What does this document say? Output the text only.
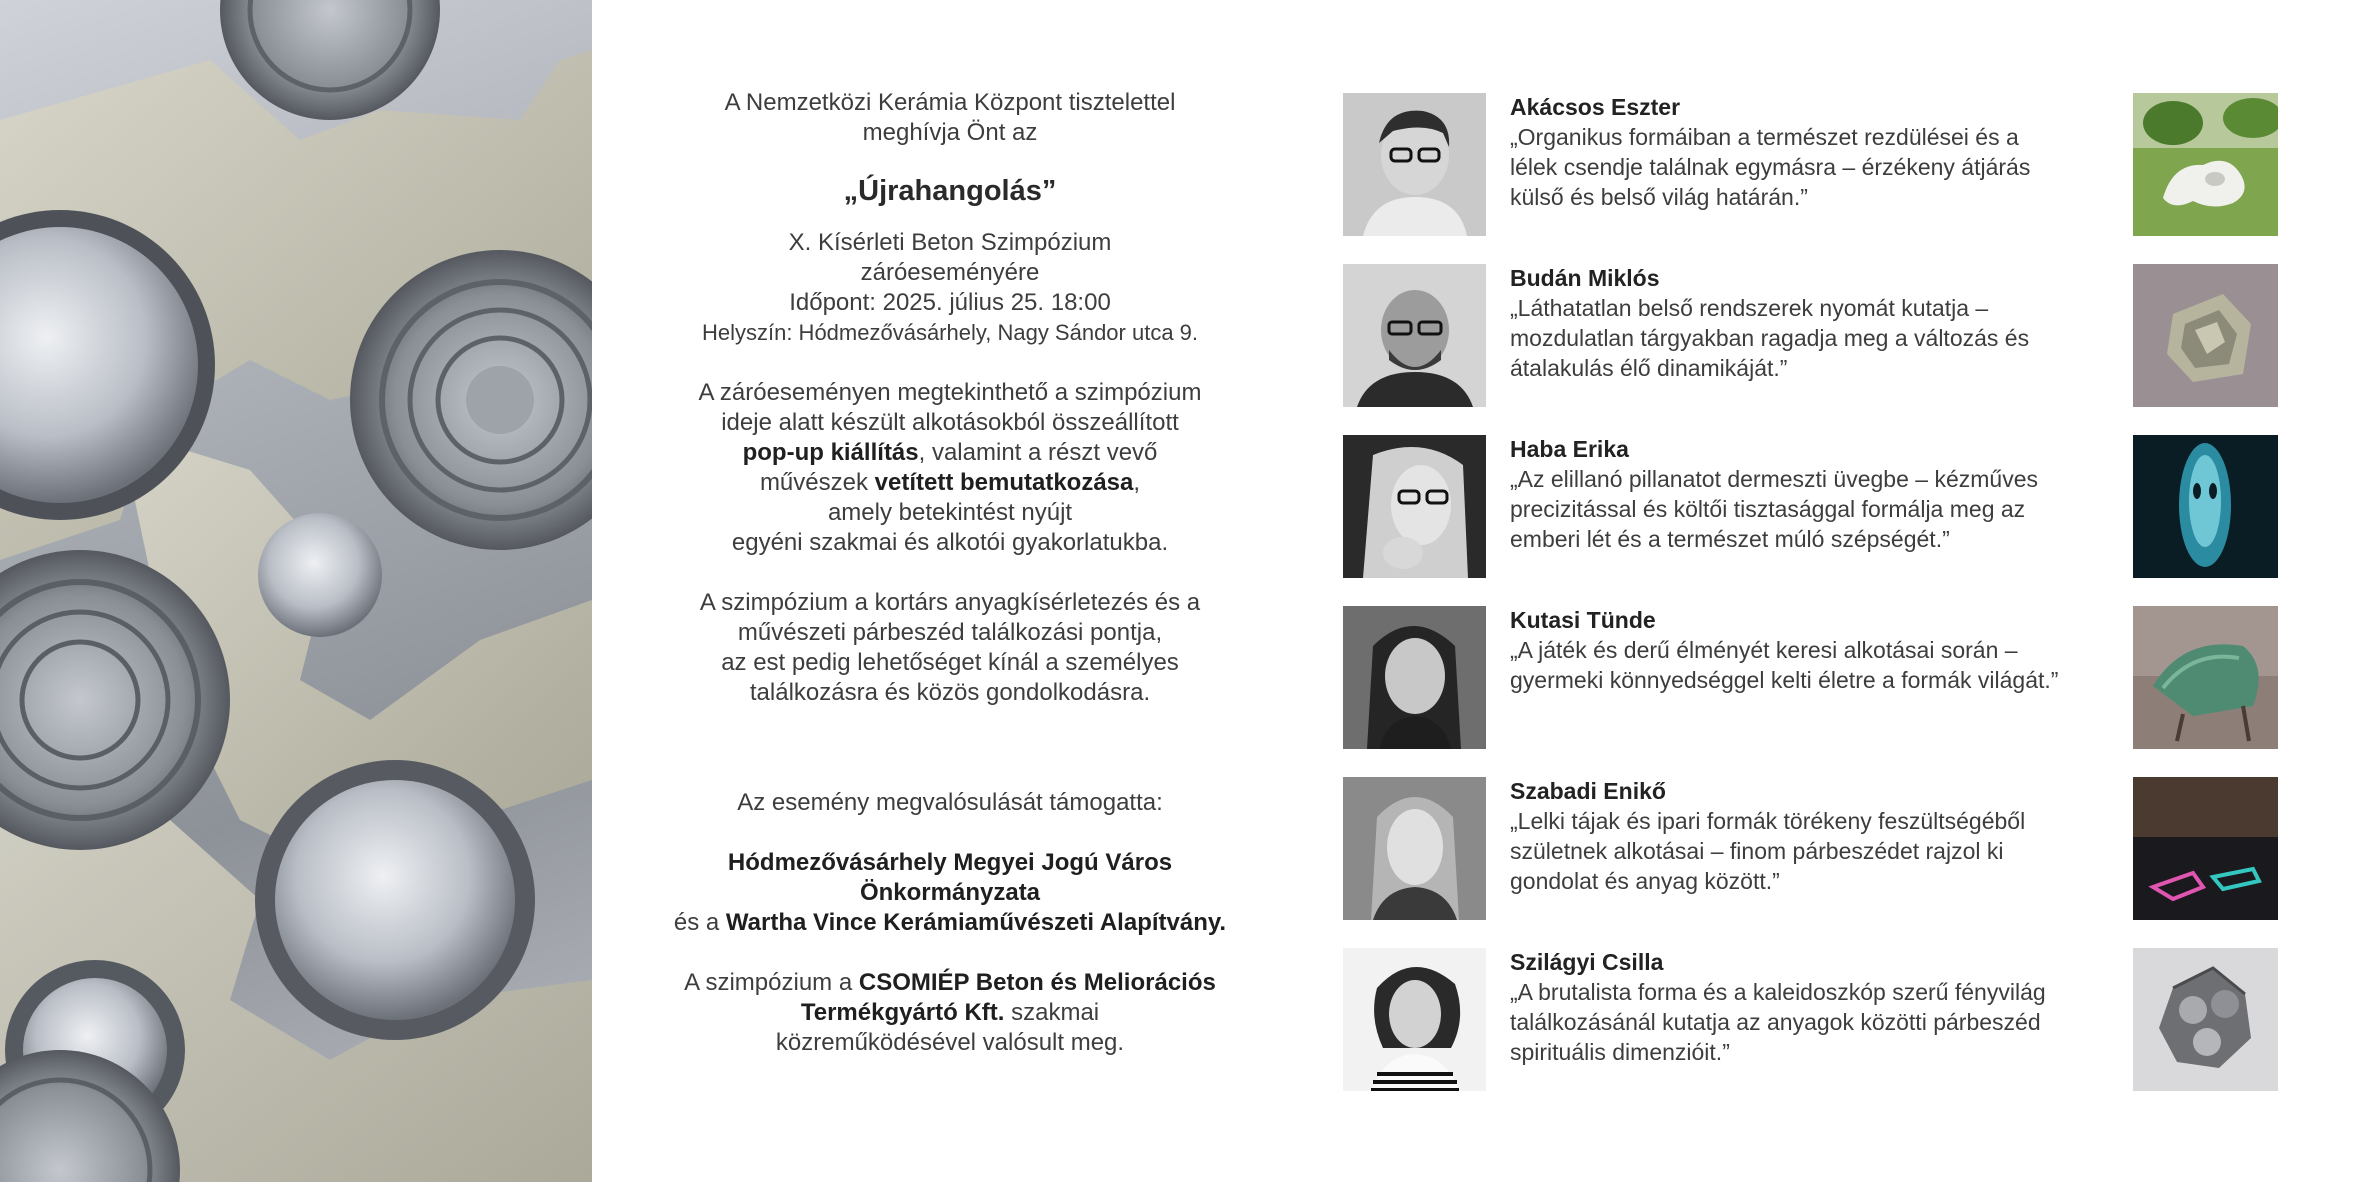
A Nemzetközi Kerámia Központ tisztelettel

meghívja Önt az

„Újrahangolás”

X. Kísérleti Beton Szimpózium

záróeseményére

Időpont: 2025. július 25. 18:00

Helyszín: Hódmezővásárhely, Nagy Sándor utca 9.

A záróeseményen megtekinthető a szimpózium

ideje alatt készült alkotásokból összeállított

pop-up kiállítás, valamint a részt vevő

művészek vetített bemutatkozása,

amely betekintést nyújt

egyéni szakmai és alkotói gyakorlatukba.

A szimpózium a kortárs anyagkísérletezés és a

művészeti párbeszéd találkozási pontja,

az est pedig lehetőséget kínál a személyes

találkozásra és közös gondolkodásra.

Az esemény megvalósulását támogatta:

Hódmezővásárhely Megyei Jogú Város

Önkormányzata

és a Wartha Vince Kerámiaművészeti Alapítvány.

A szimpózium a CSOMIÉP Beton és Meliorációs

Termékgyártó Kft. szakmai

közreműködésével valósult meg.

Akácsos Eszter
„Organikus formáiban a természet rezdülései és a
lélek csendje találnak egymásra – érzékeny átjárás
külső és belső világ határán.”
Budán Miklós
„Láthatatlan belső rendszerek nyomát kutatja –
mozdulatlan tárgyakban ragadja meg a változás és
átalakulás élő dinamikáját.”
Haba Erika
„Az elillanó pillanatot dermeszti üvegbe – kézműves
precizitással és költői tisztasággal formálja meg az
emberi lét és a természet múló szépségét.”
Kutasi Tünde
„A játék és derű élményét keresi alkotásai során –
gyermeki könnyedséggel kelti életre a formák világát.”
Szabadi Enikő
„Lelki tájak és ipari formák törékeny feszültségéből
születnek alkotásai – finom párbeszédet rajzol ki
gondolat és anyag között.”
Szilágyi Csilla
„A brutalista forma és a kaleidoszkóp szerű fényvilág
találkozásánál kutatja az anyagok közötti párbeszéd
spirituális dimenzióit.”
